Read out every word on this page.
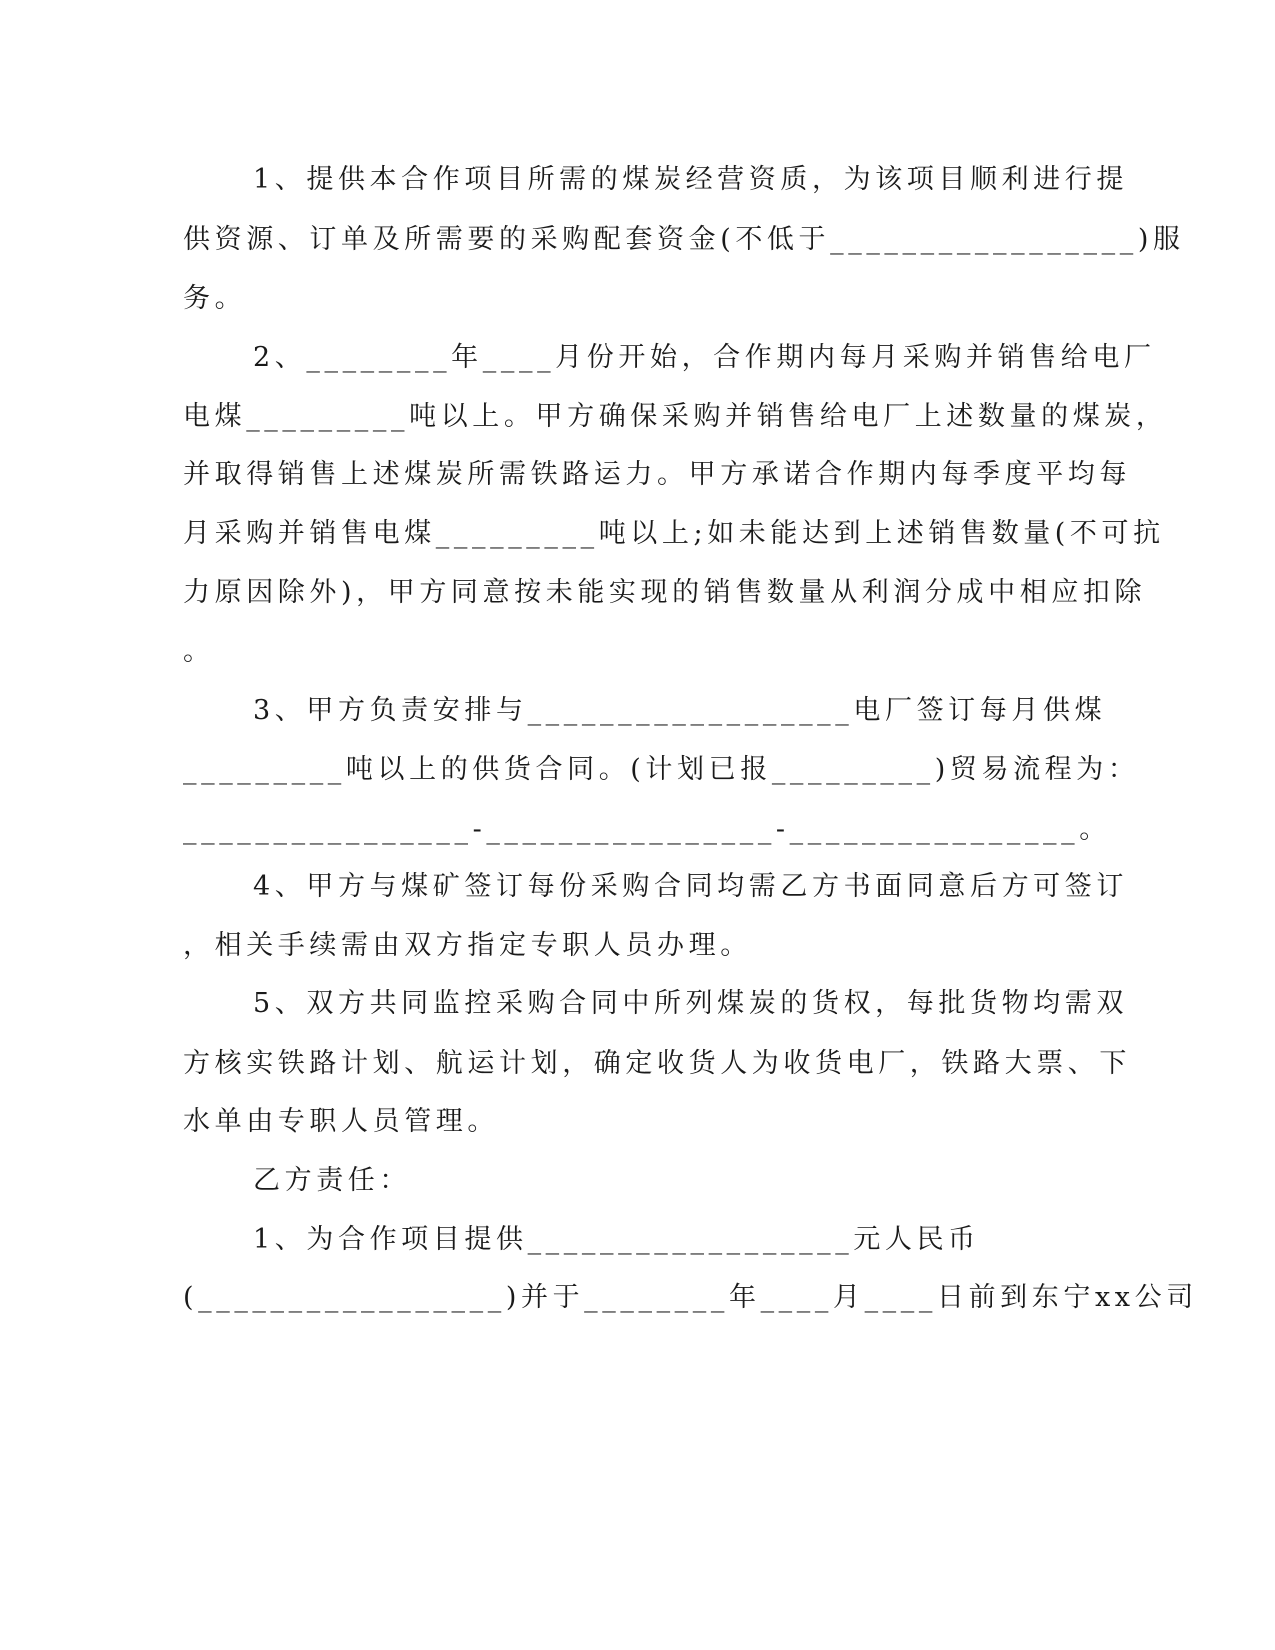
1、提供本合作项目所需的煤炭经营资质，为该项目顺利进行提
供资源、订单及所需要的采购配套资金(不低于_________________)服
务。
2、________年____月份开始，合作期内每月采购并销售给电厂
电煤_________吨以上。甲方确保采购并销售给电厂上述数量的煤炭，
并取得销售上述煤炭所需铁路运力。甲方承诺合作期内每季度平均每
月采购并销售电煤_________吨以上;如未能达到上述销售数量(不可抗
力原因除外)，甲方同意按未能实现的销售数量从利润分成中相应扣除
。
3、甲方负责安排与__________________电厂签订每月供煤
_________吨以上的供货合同。(计划已报_________)贸易流程为：
________________-________________-________________。
4、甲方与煤矿签订每份采购合同均需乙方书面同意后方可签订
，相关手续需由双方指定专职人员办理。
5、双方共同监控采购合同中所列煤炭的货权，每批货物均需双
方核实铁路计划、航运计划，确定收货人为收货电厂，铁路大票、下
水单由专职人员管理。
乙方责任：
1、为合作项目提供__________________元人民币
(_________________)并于________年____月____日前到东宁xx公司
